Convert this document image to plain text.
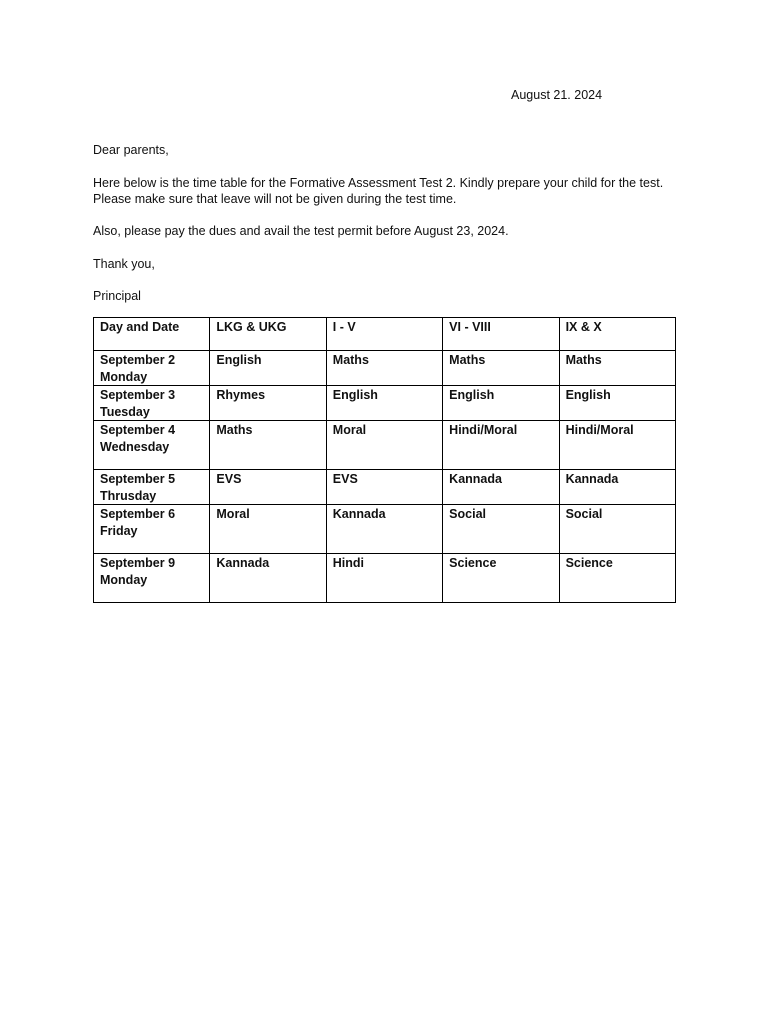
August 21. 2024

Dear parents,

Here below is the time table for the Formative Assessment Test 2. Kindly prepare your child for the test. Please make sure that leave will not be given during the test time.

Also, please pay the dues and avail the test permit before August 23, 2024.

Thank you,

Principal

Day and Date	LKG & UKG	I - V	VI - VIII	IX & X

September 2
Monday	English	Maths	Maths	Maths

September 3
Tuesday	Rhymes	English	English	English

September 4
Wednesday	Maths	Moral	Hindi/Moral	Hindi/Moral

September 5
Thrusday	EVS	EVS	Kannada	Kannada

September 6
Friday	Moral	Kannada	Social	Social

September 9
Monday	Kannada	Hindi	Science	Science
